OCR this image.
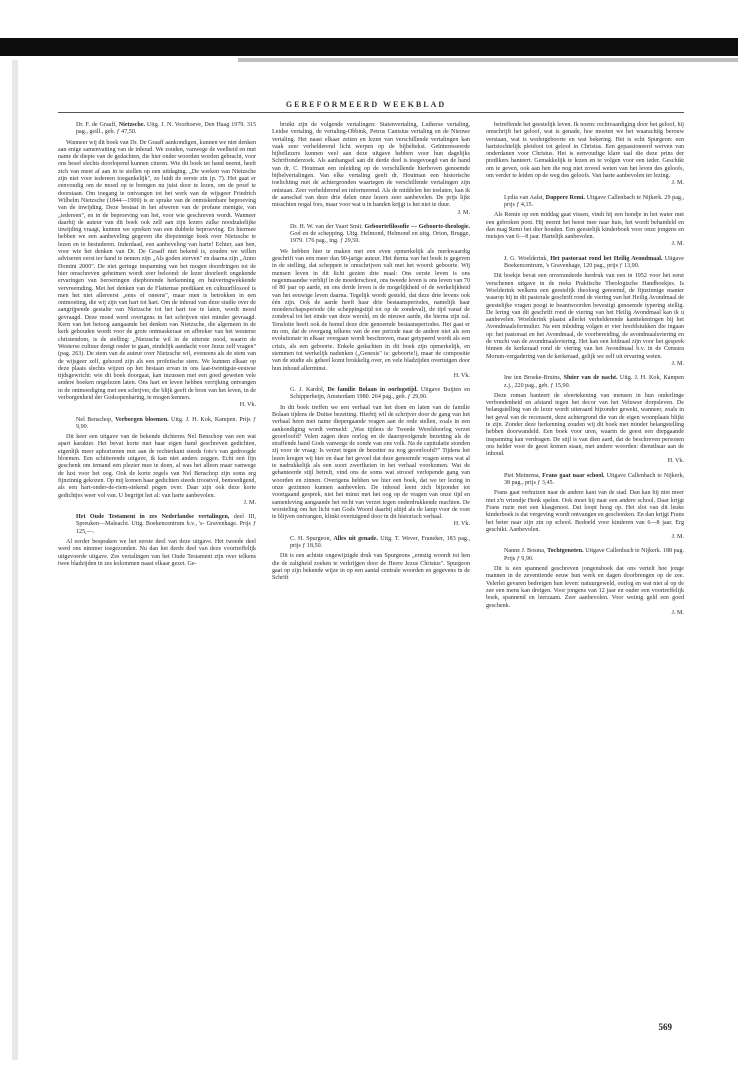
GEREFORMEERD WEEKBLAD

Dr. F. de Graaff, Nietzsche. Uitg. J. N. Voorhoeve, Den Haag 1979. 315 pag., geill., geb. ƒ 47,50.

Wanneer wij dit boek van Dr. De Graaff aankondigen, kunnen we niet denken aan enige samenvatting van de inhoud. We zouden, vanwege de veelheid en met name de diepte van de gedachten, die hier onder woorden worden gebracht, voor ons besef slechts doorlopend kunnen citeren. Wie dit boek ter hand neemt, heeft zich van meet af aan in te stellen op een uitdaging. „De werken van Nietzsche zijn niet voor iedereen toegankelijk", zo luidt de eerste zin (p. 7). Het gaat er eenvoudig om de moed op te brengen nu juist door te lezen, om de proef te doorstaan. Om toegang te ontvangen tot het werk van de wijsgeer Friedrich Wilhelm Nietzsche (1844—1900) is er sprake van de onmiskenbare beproeving van de inwijding. Deze bestaat in het afweren van de profane menigte, van „iedereen", en in de beproeving van het, voor wie geschreven wordt. Wanneer daarbij de auteur van dit boek ook zelf aan zijn lezers zulke noodzakelijke inwijding vraagt, kunnen we spreken van een dubbele beproeving. En hiermee hebben we een aanbeveling gegeven die diepzinnige boek over Nietzsche te lezen en te bestuderen. Inderdaad, een aanbeveling van harte! Echter, aan hen, voor wie het denken van Dr. De Graaff niet bekend is, zouden we willen adviseren eerst ter hand te nemen zijn „Als goden sterven" en daarna zijn „Anno Domini 2000". De niet geringe inspanning van het mogen doordringen tot de hier omschreven geheimen wordt zeer beloond: de lezer doorleeft ongekende ervaringen van beroeringen diepborende herkenning en huiveringwekkende vervreemding. Met het denken van de Flattemse predikant en cultuurfilosoof is men het niet allereerst „eens of oneens", maar men is betrokken in een ontmoeting, die wij zijn van hart tot hart. Om de inhoud van deze studie over de aangrijpende gestalte van Nietzsche tot het hart toe te laten, wordt moed gevraagd. Deze moed werd overigens in het schrijven niet minder gevraagd. Kern van het betoog aangaande het denken van Nietzsche, die algemeen in de kerk gehouden wordt voor de grote ontmaskeraar en afbreker van het westerse christendom, is de stelling: „Nietzsche wil in de uiterste nood, waarin de Westerse cultuur dreigt onder te gaan, eindelijk aandacht voor Jezus zelf vragen" (pag. 263). De stem van de auteur over Nietzsche wil, eveneens als de stem van de wijsgeer zelf, gehoord zijn als een profetische stem. We kunnen elkaar op deze plaats slechts wijzen op het bestaan ervan in ons laat-twintigste-eeuwse tijdsgewricht: wie dit boek doorgaat, kan inzussen met een goed geweten vele andere boeken ongelezen laten. Ons hart en leven hebben verrijking ontvangen in de ontmoediging met een schrijver, die blijk geeft de bron van het leven, in de verborgenheid der Godsopenbaring, te mogen kennen.

H. Vk.

Nel Benschop, Verborgen bloemen. Uitg. J. H. Kok, Kampen. Prijs ƒ 9,90.

Dit keer een uitgave van de bekende dichteres Nel Benschop van een wat apart karakter. Het bevat korte met haar eigen hand geschreven gedichten, eigenlijk meer aphorismen met aan de rechterkant steeds foto's van gedroogde bloemen. Een schitterende uitgave, ik kan niet anders zeggen. Echt een fijn geschenk om iemand een plezier mee te doen, al was het alleen maar vanwege de lust voor het oog. Ook de korte regels van Nel Benschop zijn soms erg fijnzinnig gekozen. Op mij komen haar gedichten steeds troostvol, bemoedigend, als een hart-onder-de-riem-stekend pogen over. Daar zijn ook deze korte gedichtjes weer vol van. U begrijpt het al: van harte aanbevolen.

J. M.

Het Oude Testament in zes Nederlandse vertalingen, deel III, Spreuken—Maleachi. Uitg. Boekencentrum b.v., 's- Gravenhage. Prijs ƒ 125,—.

Al eerder bespraken we het eerste deel van deze uitgave. Het tweede deel werd ons nimmer toegezonden. Nu dan het derde deel van deze voortreffelijk uitgevoerde uitgave. Zes vertalingen van het Oude Testament zijn over telkens twee bladzijden in zes kolommen naast elkaar gezet. Ge-

bruikt zijn de volgende vertalingen: Statenvertaling, Lutherse vertaling, Leidse vertaling, de vertaling-Obbink, Petrus Canisius vertaling en de Nieuwe vertaling. Het naast elkaar zetten en lezen van verschillende vertalingen kan vaak zeer verhelderend licht werpen op de bijbeltekst. Geïnteresseerde bijbellezers kunnen veel aan deze uitgave hebben voor hun dagelijks Schriftonderzoek. Als aanhangsel aan dit derde deel is toegevoegd van de hand van dr. C. Houtman een inleiding op de verschillende hierboven genoemde bijbelvertalingen. Van elke vertaling geeft dr. Houtman een historische toelichting met de achtergronden waartegen de verschillende vertalingen zijn ontstaan. Zeer verhelderend en informerend. Als de middelen het toelaten, kan ik de aanschaf van deze drie delen onze lezers zeer aanbevelen. De prijs lijkt misschien nogal fors, maar voor wat u in handen krijgt is het niet te duur.

J. M.

Dr. H. W. van der Vaart Smit. Geboortefilosofie — Geboorte-theologie. God en de schepping. Uitg. Helmond, Helmond en uitg. Orion, Brugge, 1979. 176 pag., ing. ƒ 29,50.

We hebben hier te maken met een even opmerkelijk als merkwaardig geschrift van een meer dan 90-jarige auteur. Het thema van het boek is gegeven in de stelling, dat scheppen te omschrijven valt met het woord: geboorte. Wij mensen leven in dit licht gezien drie maal: Ons eerste leven is ons negenmaandse verblijf in de moederschoot, ons tweede leven is ons leven van 70 of 80 jaar op aarde, en ons derde leven is de mogelijkheid of de werkelijkheid van het eeuwige leven daarna. Tegelijk wordt gesteld, dat deze drie levens ook één zijn. Ook de aarde heeft haar drie bestaansperiodes, namelijk haar moederschapsperiode (de scheppingstijd tot op de zondeval), de tijd vanaf de zondeval tot het einde van deze wereld, en de nieuwe aarde, die hierna zijn zal. Tenslotte heeft ook de hemel deze drie genoemde bestaansperiodes. Het gaat er nu om, dat de overgang telkens van de ene periode naar de andere niet als een evolutionair in elkaar overgaan wordt beschreven, maar getypeerd wordt als een crisis, als een geboorte. Enkele gedachten in dit boek zijn opmerkelijk, en stemmen tot werkelijk nadenken („Genesis" is: geboorte!), maar de compositie van de studie als geheel komt brokkelig over, en vele bladzijden overtuigen door hun inhoud allerminst.

H. Vk.

G. J. Kardol, De familie Bolaan in oorlogstijd. Uitgave Buijten en Schipperheijn, Amsterdam 1980. 264 pag., geb. ƒ 29,90.

In dit boek treffen we een verhaal van het doen en laten van de familie Bolaan tijdens de Duitse bezetting. Hierbij wil de schrijver door de gang van het verhaal heen met name diepergaande vragen aan de orde stellen, zoals in een aankondiging wordt vermeld: „Was tijdens de Tweede Wereldoorlog verzet geoorloofd? Velen zagen deze oorlog en de daaropvolgende bezetting als de straffende hand Gods vanwege de zonde van ons volk. Na de capitulatie stonden zij voor de vraag: Is verzet tegen de bezetter nu nog geoorloofd?" Tijdens het lezen kregen wij hier en daar het gevoel dat deze genoemde vragen soms wat al te nadrukkelijk als een soort zwerfkeien in het verhaal voorkomen. Wat de gehanteerde stijl betreft, vind ons de soms wat strooef verlopende gang van woorden en zinnen. Overigens hebben we hier een boek, dat we ter lezing in onze gezinnen kunnen aanbevelen. De inhoud leent zich bijzonder tot voortgaand gesprek, niet het minst met het oog op de vragen van onze tijd en samenleving aangaande het recht van verzet tegen onderdrukkende machten. De worsteling om het licht van Gods Woord daarbij altijd als de lamp voor de voet te blijven ontvangen, klinkt overtuigend door in dit historisch verhaal.

H. Vk.

C. H. Spurgeon, Alles uit genade. Uitg. T. Wever, Franeker, 183 pag., prijs ƒ 18,50.

Dit is een achtste ongewijzigde druk van Spurgeons „ernstig woordt tot hen die de zaligheid zoeken te verkrijgen door de Heere Jezus Christus". Spurgeon gaat op zijn bekende wijze in op een aantal centrale woorden en gegevens in de Schrift

betreffende het geestelijk leven. Ik noem: rechtvaardiging door het geloof, hij omschrijft het geloof, wat is genade, hoe moeten we het waarachtig berouw verstaan, wat is wedergeboorte en wat bekering. Het is echt Spurgeon: een hartstochtelijk pleidooi tot geloof in Christus. Een gepassioneerd werven van onderdanen voor Christus. Het is eenvoudige klare taal die deze prins der predikers hanteert. Gemakkelijk te lezen en te volgen voor een ieder. Geschikt om te geven, ook aan hen die nog niet zoveel weten van het leven des geloofs, om verder te leiden op de weg des geloofs. Van harte aanbevolen ter lezing.

J. M.

Lydia van Aalst, Dappere Remi. Uitgave Callenbach te Nijkerk. 29 pag., prijs ƒ 4,15.

Als Remie op een middag gaat vissen, vindt hij een hondje in het water met een gebroken poot. Hij neemt het beest mee naar huis, het wordt behandeld en dan mag Remi het dier houden. Een geestelijk kinderboek voor onze jongens en meisjes van 6—8 jaar. Hartelijk aanbevolen.

J. M.

J. G. Woelderink, Het pastoraat rond het Heilig Avondmaal. Uitgave Boekencentrum, 's Gravenhage, 120 pag., prijs ƒ 13,90.

Dit boekje bevat een onveranderde herdruk van een in 1952 voor het eerst verschenen uitgave in de reeks Praktische Theologische Handboekjes. Is Woelderink welkens een geestelijk theoloog genoemd, de fijnzinnige manier waarop hij in dit pastorale geschrift rond de viering van het Heilig Avondmaal de geestelijke vragen poogt te beantwoorden bevestigt genoemde typering stellig. De lering van dit geschrift rond de viering van het Heilig Avondmaal kan ik u aanbevelen. Woelderink plaatst allerlei verhelderende kanttekeningen bij het Avondmaalsformulier. Na een inleiding volgen er vier hoofdstukken die ingaan op: het pastoraat en het Avondmaal, de voorbereiding, de avondmaalsviering en de vrucht van de avondmaalsviering. Het kan een leidraad zijn voor het gesprek binnen de kerkeraad rond de viering van het Avondmaal b.v. in de Censura Morum-vergadering van de kerkeraad, gelijk we zelf uit ervaring weten.

J. M.

Ine ten Broeke-Bruins, Sluier van de nacht. Uitg. J. H. Kok, Kampen z.j., 220 pag., geb. ƒ 15,90.

Deze roman hanteert de sfeertekening van mensen in hun onderlinge verbondenheid en afstand tegen het decor van het Veluwse dorpsleven. De belangstelling van de lezer wordt uiteraard bijzonder gewekt, wanneer, zoals in het geval van de recensent, deze achtergrond die van de eigen woonplaats blijkt te zijn. Zonder deze herkenning zouden wij dit boek met minder belangstelling hebben doorwandeld. Een boek voor uren, waarin de geest een diepgaande inspanning kan verdragen. De stijl is van dien aard, dat de beschreven personen ons helder voor de geest komen staan, met andere woorden: dienstbaar aan de inhoud.

H. Vk.

Piet Meinema, Frans gaat naar school. Uitgave Callenbach te Nijkerk, 38 pag., prijs ƒ 3,45.

Frans gaat verhuizen naar de andere kant van de stad. Dan kan hij niet meer met z'n vriendje Henk spelen. Ook moet hij naar een andere school. Daar krijgt Frans ruzie met een klasgenoot. Dat loopt hoog op. Het slot van dit leuke kinderboek is dat vergeving wordt ontvangen en geschonken. En dan krijgt Frans het beter naar zijn zin op school. Bedoeld voor kinderen van 6—8 jaar. Erg geschikt. Aanbevolen.

J. M.

Nanne J. Bosma, Tochtgenoten. Uitgave Callenbach te Nijkerk. 188 pag. Prijs ƒ 9,90.

Dit is een spannend geschreven jongensboek dat ons vertelt hoe jonge mannen in de zeventiende eeuw hun werk en dagen doorbrengen op de zee. Velerlei gevaren bedreigen hun leven: natuurgeweld, oorlog en wat niet al op de zee een mens kan dreigen. Voor jongens van 12 jaar en ouder een voortreffelijk boek, spannend en leerzaam. Zeer aanbevolen. Voor weinig geld een goed geschenk.

J. M.

569
